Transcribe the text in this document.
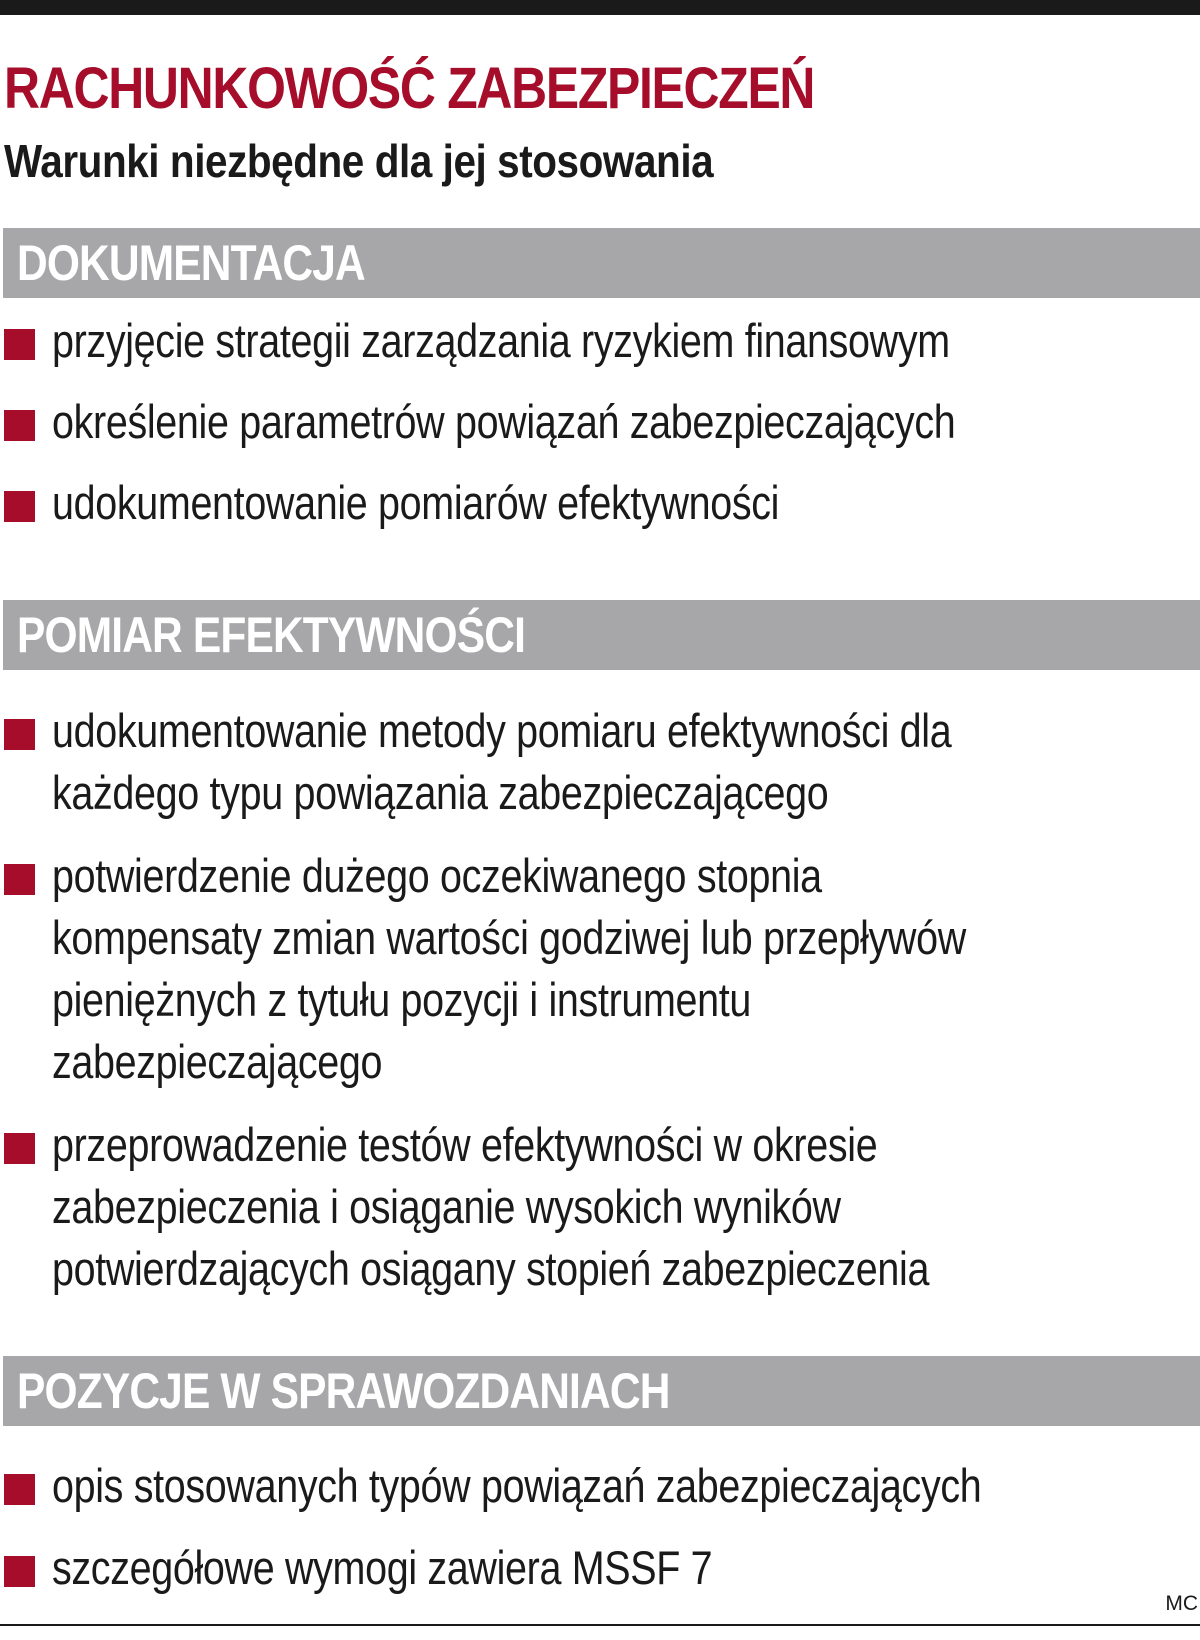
RACHUNKOWOŚĆ ZABEZPIECZEŃ
Warunki niezbędne dla jej stosowania
DOKUMENTACJA
przyjęcie strategii zarządzania ryzykiem finansowym
określenie parametrów powiązań zabezpieczających
udokumentowanie pomiarów efektywności
POMIAR EFEKTYWNOŚCI
udokumentowanie metody pomiaru efektywności dla
każdego typu powiązania zabezpieczającego
potwierdzenie dużego oczekiwanego stopnia
kompensaty zmian wartości godziwej lub przepływów
pieniężnych z tytułu pozycji i instrumentu
zabezpieczającego
przeprowadzenie testów efektywności w okresie
zabezpieczenia i osiąganie wysokich wyników
potwierdzających osiągany stopień zabezpieczenia
POZYCJE W SPRAWOZDANIACH
opis stosowanych typów powiązań zabezpieczających
szczegółowe wymogi zawiera MSSF 7
MC
